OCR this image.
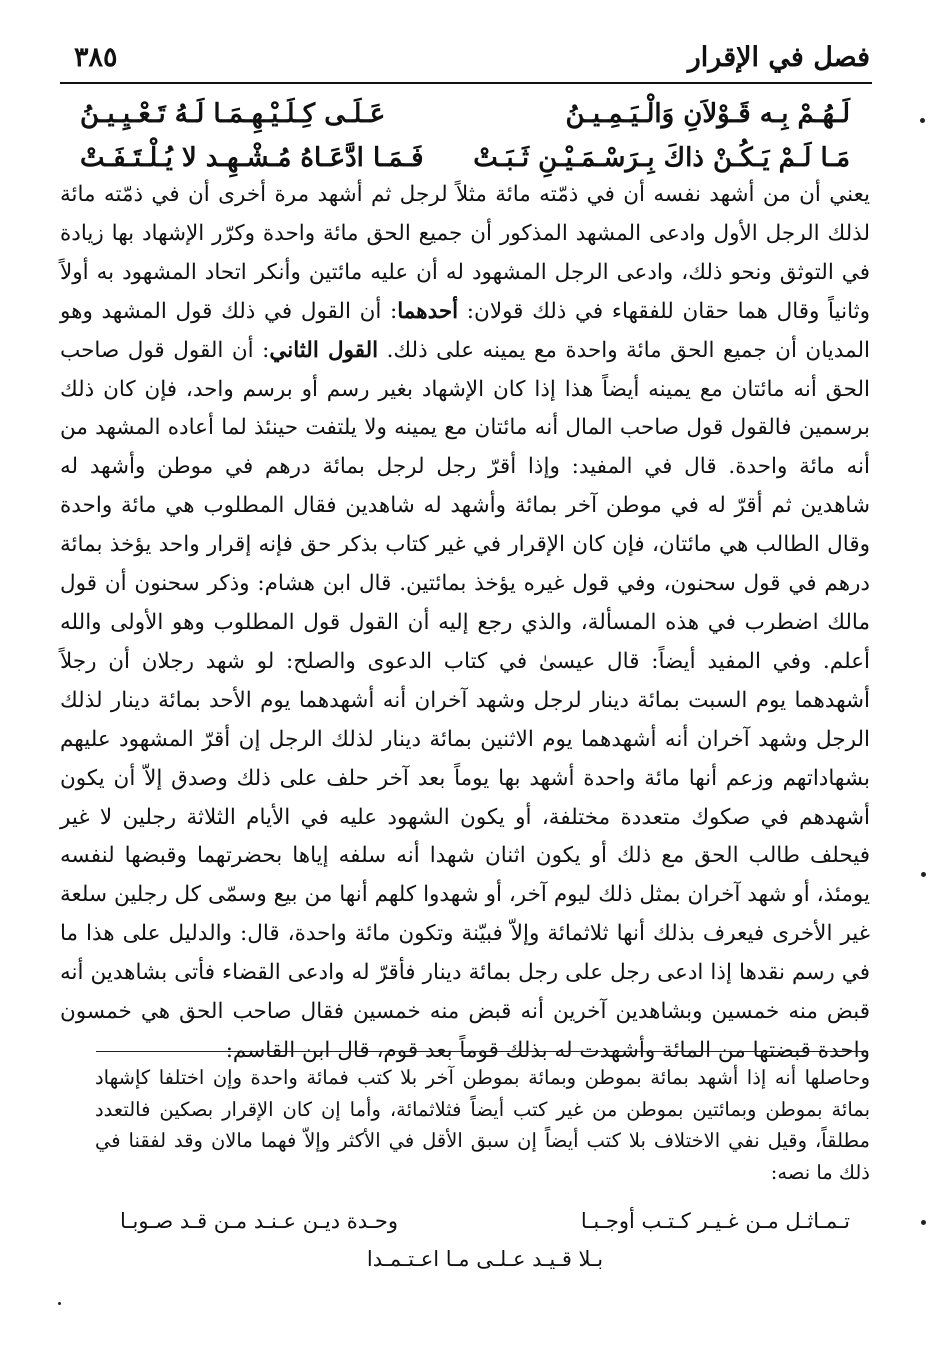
فصل في الإقرار
٣٨٥
لَـهُـمْ بِـه قَـوْلاَنِ وَالْـيَـمِـيـنُ
عَـلَـى كِـلَـيْـهِـمَـا لَـهُ تَـعْـيِـيـنُ
مَـا لَـمْ يَـكُـنْ ذاكَ بِـرَسْـمَـيْـنِ ثَـبَـتْ
فَـمَـا ادَّعَـاهُ مُـشْـهِـد لا يُـلْـتَـفَـتْ
يعني أن من أشهد نفسه أن في ذمّته مائة مثلاً لرجل ثم أشهد مرة أخرى أن في ذمّته مائة لذلك الرجل الأول وادعى المشهد المذكور أن جميع الحق مائة واحدة وكرّر الإشهاد بها زيادة في التوثق ونحو ذلك، وادعى الرجل المشهود له أن عليه مائتين وأنكر اتحاد المشهود به أولاً وثانياً وقال هما حقان للفقهاء في ذلك قولان: أحدهما: أن القول في ذلك قول المشهد وهو المديان أن جميع الحق مائة واحدة مع يمينه على ذلك. القول الثاني: أن القول قول صاحب الحق أنه مائتان مع يمينه أيضاً هذا إذا كان الإشهاد بغير رسم أو برسم واحد، فإن كان ذلك برسمين فالقول قول صاحب المال أنه مائتان مع يمينه ولا يلتفت حينئذ لما أعاده المشهد من أنه مائة واحدة. قال في المفيد: وإذا أقرّ رجل لرجل بمائة درهم في موطن وأشهد له شاهدين ثم أقرّ له في موطن آخر بمائة وأشهد له شاهدين فقال المطلوب هي مائة واحدة وقال الطالب هي مائتان، فإن كان الإقرار في غير كتاب بذكر حق فإنه إقرار واحد يؤخذ بمائة درهم في قول سحنون، وفي قول غيره يؤخذ بمائتين. قال ابن هشام: وذكر سحنون أن قول مالك اضطرب في هذه المسألة، والذي رجع إليه أن القول قول المطلوب وهو الأولى والله أعلم. وفي المفيد أيضاً: قال عيسىٰ في كتاب الدعوى والصلح: لو شهد رجلان أن رجلاً أشهدهما يوم السبت بمائة دينار لرجل وشهد آخران أنه أشهدهما يوم الأحد بمائة دينار لذلك الرجل وشهد آخران أنه أشهدهما يوم الاثنين بمائة دينار لذلك الرجل إن أقرّ المشهود عليهم بشهاداتهم وزعم أنها مائة واحدة أشهد بها يوماً بعد آخر حلف على ذلك وصدق إلاّ أن يكون أشهدهم في صكوك متعددة مختلفة، أو يكون الشهود عليه في الأيام الثلاثة رجلين لا غير فيحلف طالب الحق مع ذلك أو يكون اثنان شهدا أنه سلفه إياها بحضرتهما وقبضها لنفسه يومئذ، أو شهد آخران بمثل ذلك ليوم آخر، أو شهدوا كلهم أنها من بيع وسمّى كل رجلين سلعة غير الأخرى فيعرف بذلك أنها ثلاثمائة وإلاّ فبيّنة وتكون مائة واحدة، قال: والدليل على هذا ما في رسم نقدها إذا ادعى رجل على رجل بمائة دينار فأقرّ له وادعى القضاء فأتى بشاهدين أنه قبض منه خمسين وبشاهدين آخرين أنه قبض منه خمسين فقال صاحب الحق هي خمسون واحدة قبضتها من المائة وأشهدت له بذلك قوماً بعد قوم، قال ابن القاسم:
وحاصلها أنه إذا أشهد بمائة بموطن وبمائة بموطن آخر بلا كتب فمائة واحدة وإن اختلفا كإشهاد بمائة بموطن وبمائتين بموطن من غير كتب أيضاً فثلاثمائة، وأما إن كان الإقرار بصكين فالتعدد مطلقاً، وقيل نفي الاختلاف بلا كتب أيضاً إن سبق الأقل في الأكثر وإلاّ فهما مالان وقد لفقنا في ذلك ما نصه:
تـمـاثـل مـن غـيـر كـتـب أوجـبـا
وحـدة ديـن عـنـد مـن قـد صـوبـا
بـلا قـيـد عـلـى مـا اعـتـمـدا
